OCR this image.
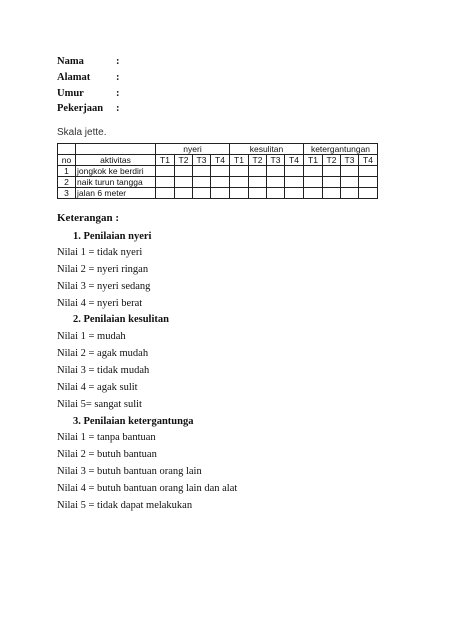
Nama	:
Alamat :
Umur	:
Pekerjaan :
Skala jette.
		nyeri				kesulitan				ketergantungan			
no	aktivitas	T1	T2	T3	T4	T1	T2	T3	T4	T1	T2	T3	T4
1	jongkok ke berdiri												
2	naik turun tangga												
3	jalan 6 meter												
Keterangan :
1. Penilaian nyeri
Nilai 1 = tidak nyeri
Nilai 2 = nyeri ringan
Nilai 3 = nyeri sedang
Nilai 4 = nyeri berat
2. Penilaian kesulitan
Nilai 1 = mudah
Nilai 2 = agak mudah
Nilai 3 = tidak mudah
Nilai 4 = agak sulit
Nilai 5= sangat sulit
3. Penilaian ketergantunga
Nilai 1 = tanpa bantuan
Nilai 2 = butuh bantuan
Nilai 3 = butuh bantuan orang lain
Nilai 4 = butuh bantuan orang lain dan alat
Nilai 5 = tidak dapat melakukan
